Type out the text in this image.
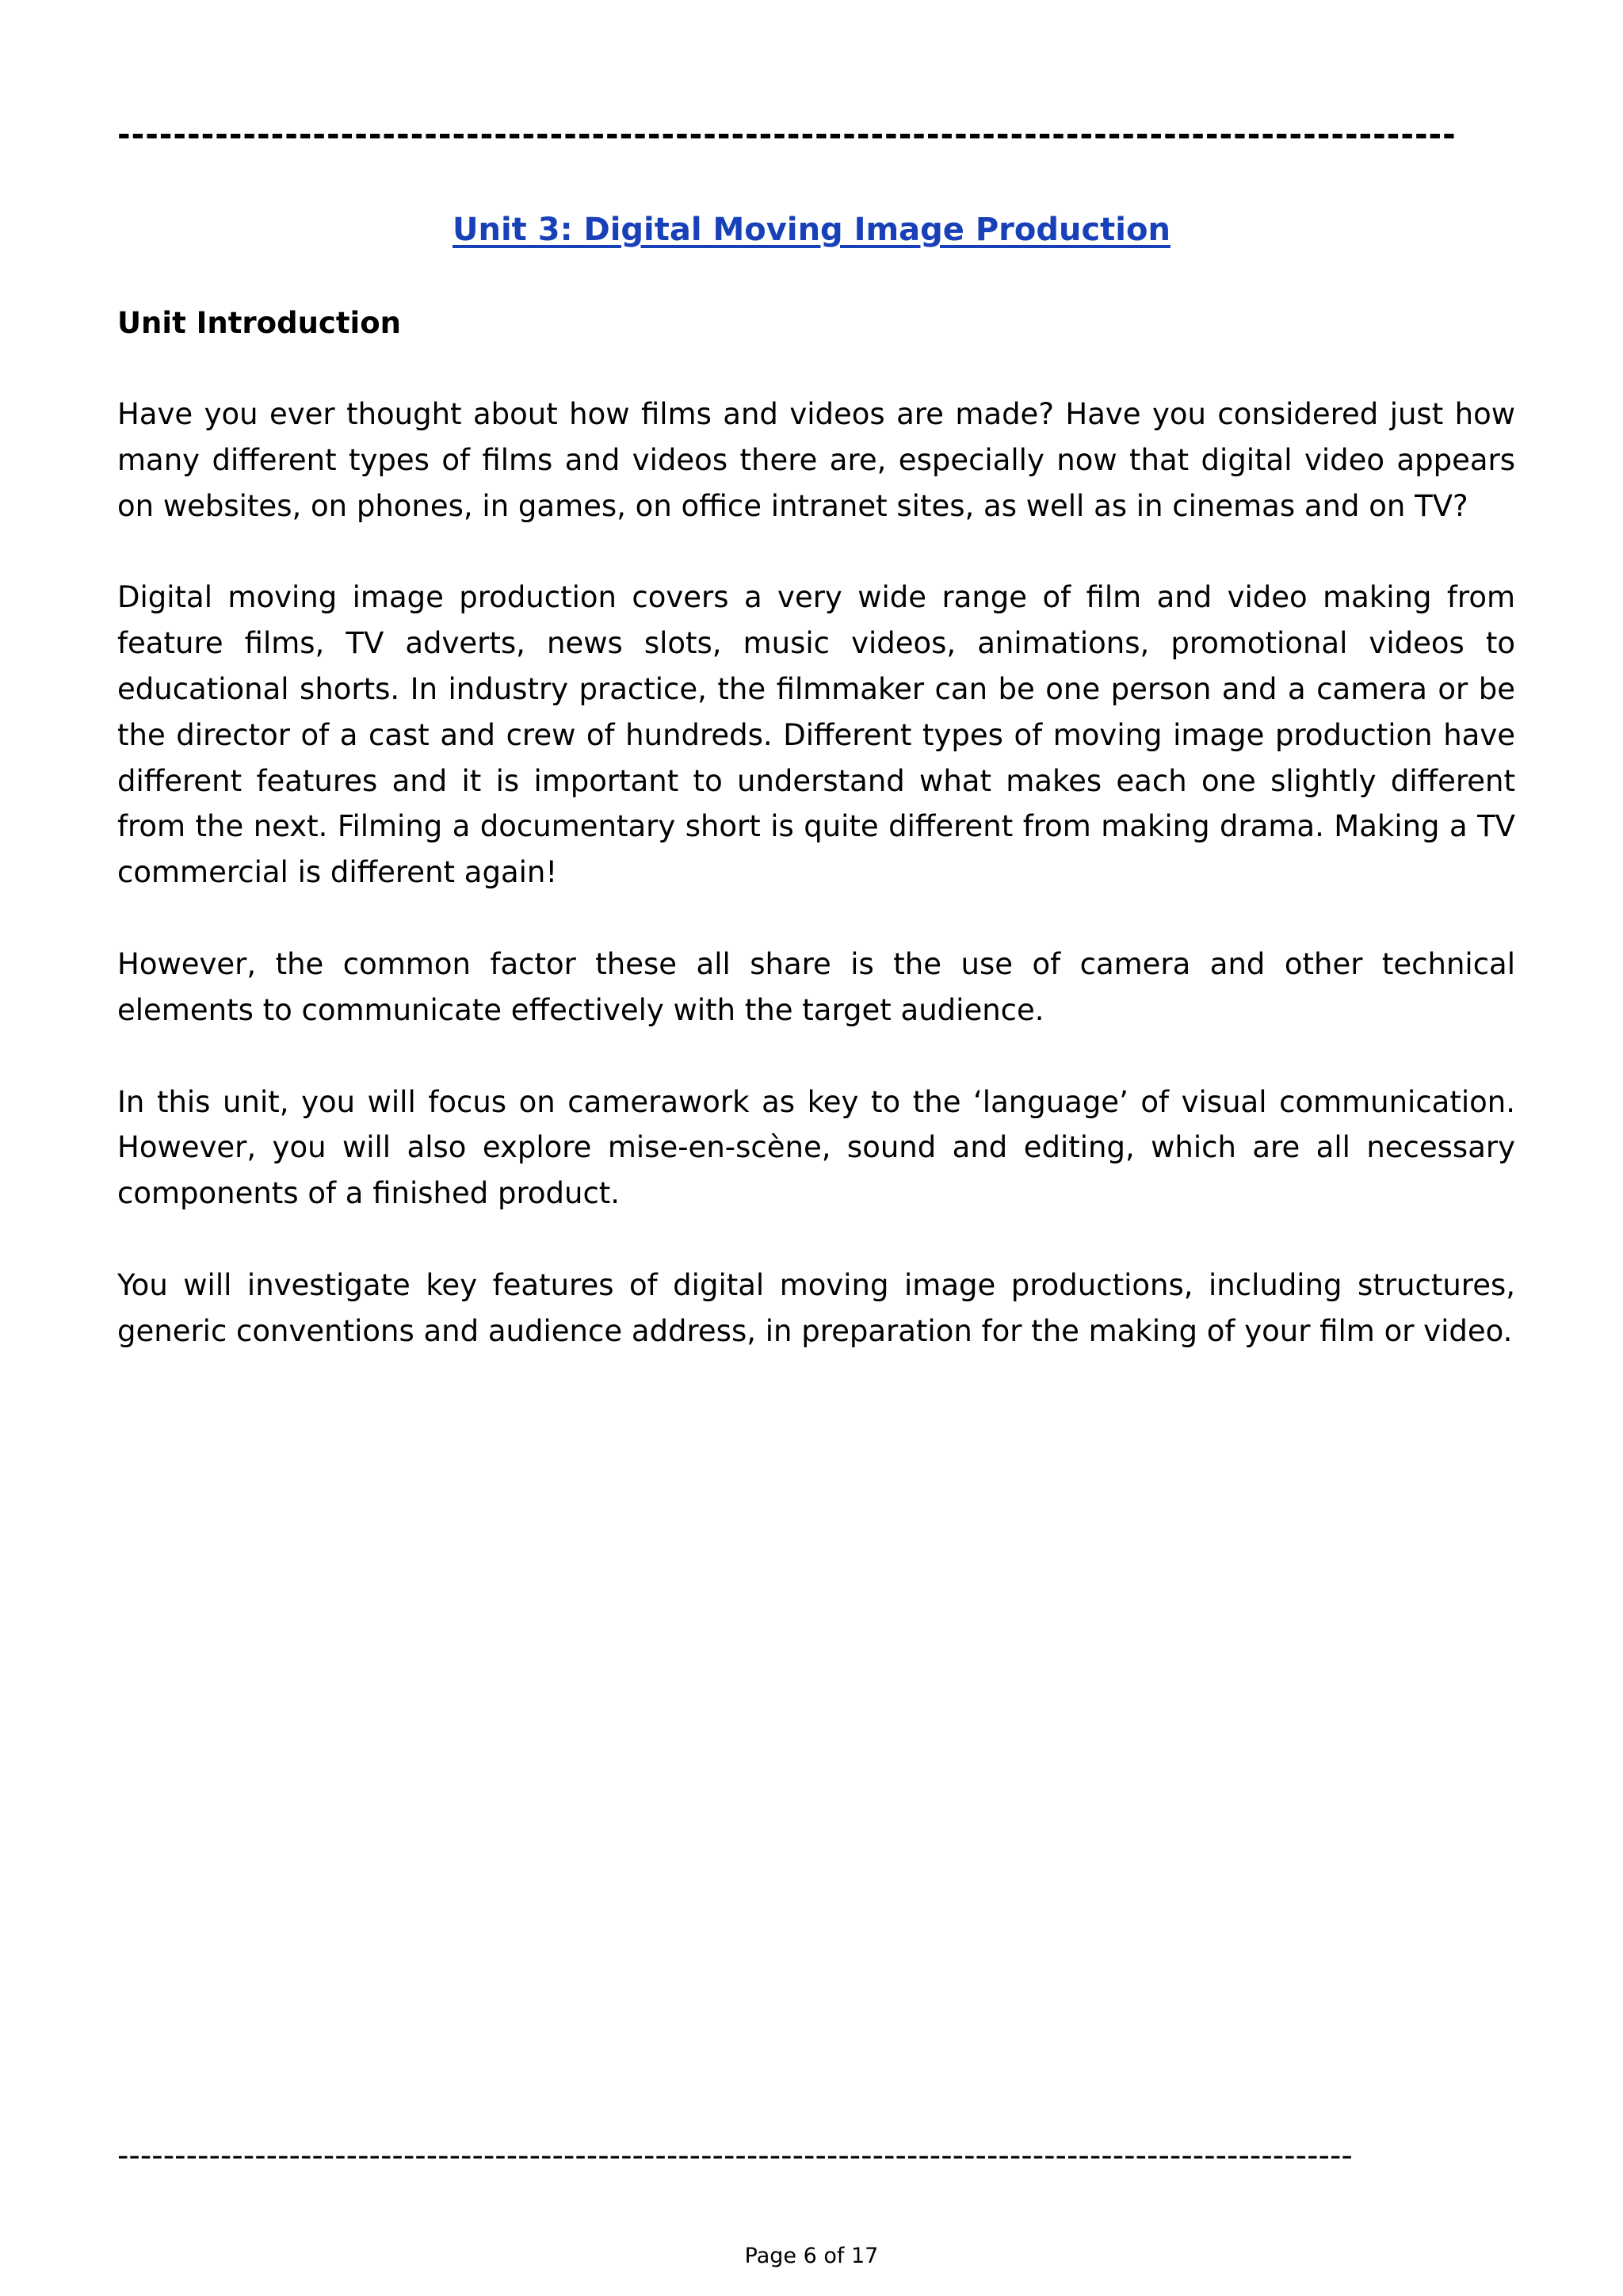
------------------------------------------------------------------------------------------------
Unit 3: Digital Moving Image Production
Unit Introduction

Have you ever thought about how films and videos are made? Have you considered just how many different types of films and videos there are, especially now that digital video appears on websites, on phones, in games, on office intranet sites, as well as in cinemas and on TV?

Digital moving image production covers a very wide range of film and video making from feature films, TV adverts, news slots, music videos, animations, promotional videos to educational shorts. In industry practice, the filmmaker can be one person and a camera or be the director of a cast and crew of hundreds. Different types of moving image production have different features and it is important to understand what makes each one slightly different from the next. Filming a documentary short is quite different from making drama. Making a TV commercial is different again!

However, the common factor these all share is the use of camera and other technical elements to communicate effectively with the target audience.

In this unit, you will focus on camerawork as key to the ‘language’ of visual communication. However, you will also explore mise-en-scène, sound and editing, which are all necessary components of a finished product.

You will investigate key features of digital moving image productions, including structures, generic conventions and audience address, in preparation for the making of your film or video.

------------------------------------------------------------------------------------------------------------
Page 6 of 17
